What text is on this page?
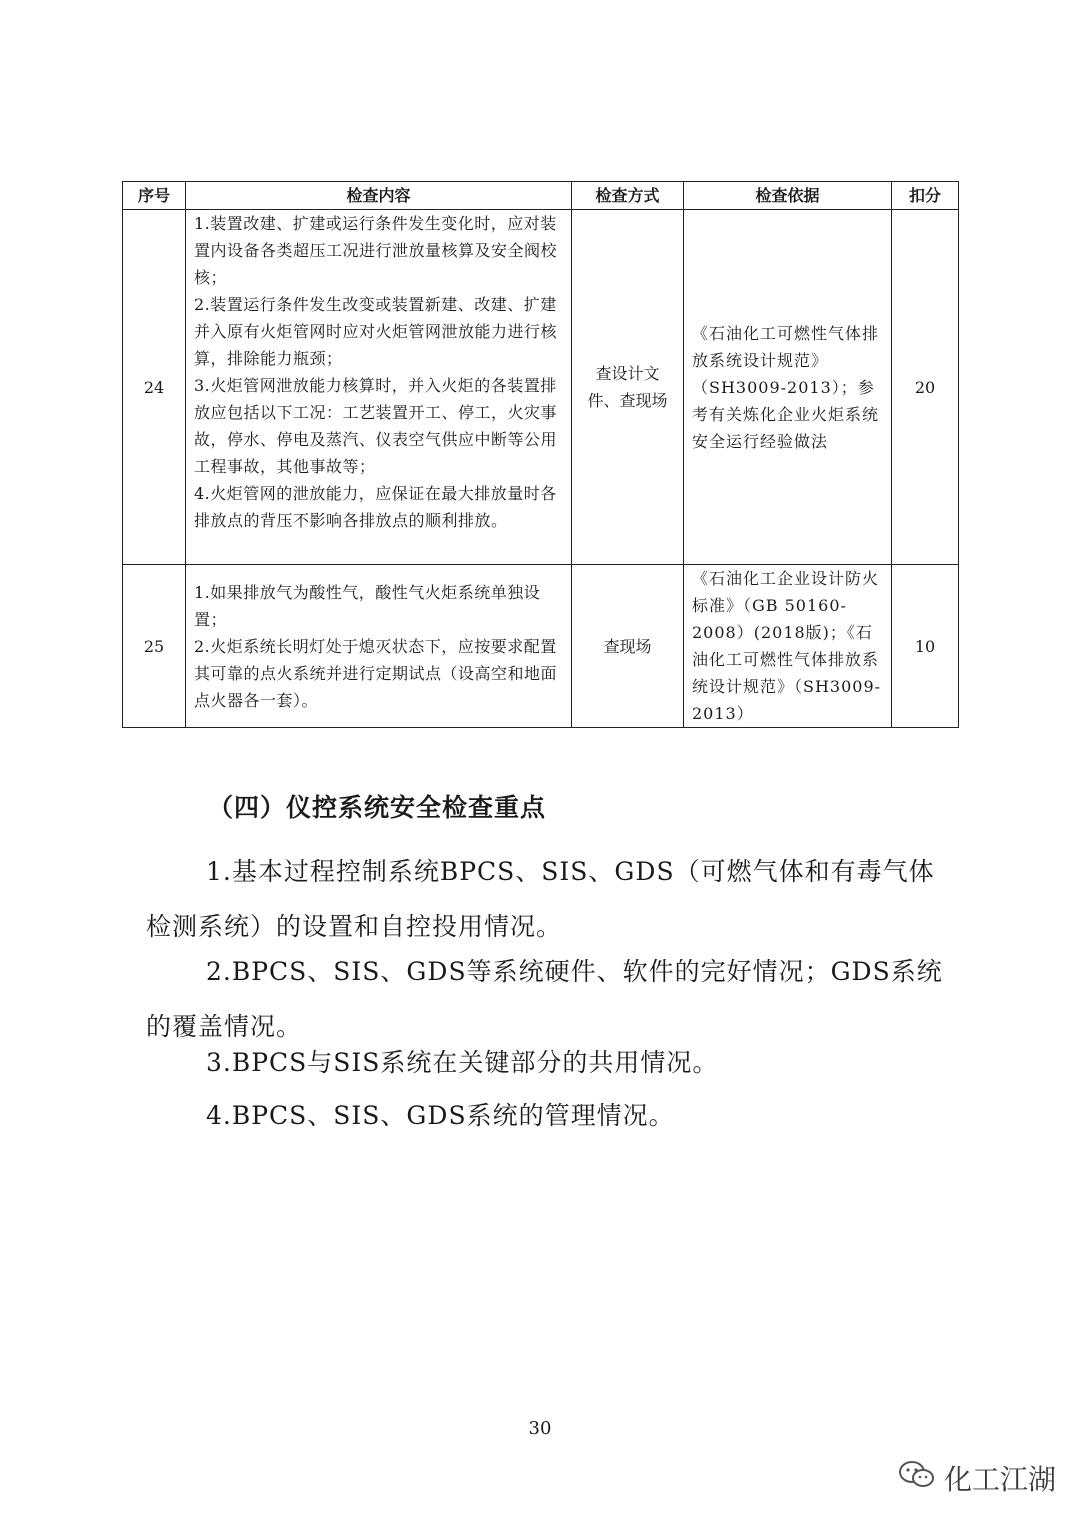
序号	检查内容	检查方式	检查依据	扣分
24	1.装置改建、扩建或运行条件发生变化时，应对装置内设备各类超压工况进行泄放量核算及安全阀校核；
2.装置运行条件发生改变或装置新建、改建、扩建并入原有火炬管网时应对火炬管网泄放能力进行核算，排除能力瓶颈；
3.火炬管网泄放能力核算时，并入火炬的各装置排放应包括以下工况：工艺装置开工、停工，火灾事故，停水、停电及蒸汽、仪表空气供应中断等公用工程事故，其他事故等；
4.火炬管网的泄放能力，应保证在最大排放量时各排放点的背压不影响各排放点的顺利排放。	查设计文件、查现场	《石油化工可燃性气体排放系统设计规范》（SH3009-2013）；参考有关炼化企业火炬系统安全运行经验做法	20
25	1.如果排放气为酸性气，酸性气火炬系统单独设置；
2.火炬系统长明灯处于熄灭状态下，应按要求配置其可靠的点火系统并进行定期试点（设高空和地面点火器各一套）。	查现场	《石油化工企业设计防火标准》（GB 50160-2008）(2018版)；《石油化工可燃性气体排放系统设计规范》（SH3009-2013）	10
（四）仪控系统安全检查重点
1.基本过程控制系统BPCS、SIS、GDS（可燃气体和有毒气体检测系统）的设置和自控投用情况。
2.BPCS、SIS、GDS等系统硬件、软件的完好情况；GDS系统的覆盖情况。
3.BPCS与SIS系统在关键部分的共用情况。
4.BPCS、SIS、GDS系统的管理情况。
30
化工江湖
